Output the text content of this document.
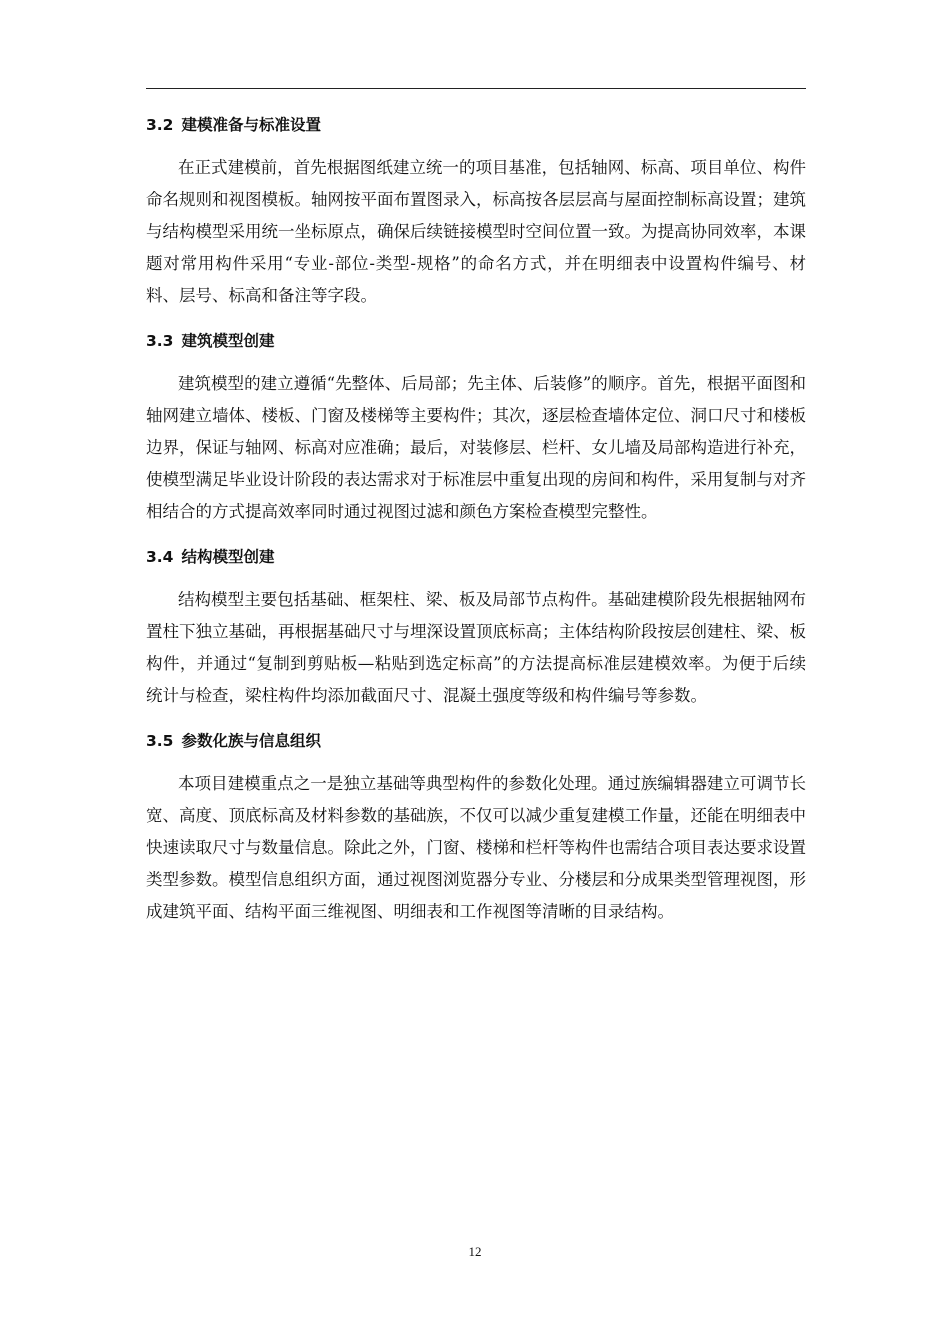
3.2 建模准备与标准设置

在正式建模前，首先根据图纸建立统一的项目基准，包括轴网、标高、项目单位、构件命名规则和视图模板。轴网按平面布置图录入，标高按各层层高与屋面控制标高设置；建筑与结构模型采用统一坐标原点，确保后续链接模型时空间位置一致。为提高协同效率，本课题对常用构件采用“专业-部位-类型-规格”的命名方式，并在明细表中设置构件编号、材料、层号、标高和备注等字段。

3.3 建筑模型创建

建筑模型的建立遵循“先整体、后局部；先主体、后装修”的顺序。首先，根据平面图和轴网建立墙体、楼板、门窗及楼梯等主要构件；其次，逐层检查墙体定位、洞口尺寸和楼板边界，保证与轴网、标高对应准确；最后，对装修层、栏杆、女儿墙及局部构造进行补充，使模型满足毕业设计阶段的表达需求对于标准层中重复出现的房间和构件，采用复制与对齐相结合的方式提高效率同时通过视图过滤和颜色方案检查模型完整性。

3.4 结构模型创建

结构模型主要包括基础、框架柱、梁、板及局部节点构件。基础建模阶段先根据轴网布置柱下独立基础，再根据基础尺寸与埋深设置顶底标高；主体结构阶段按层创建柱、梁、板构件，并通过“复制到剪贴板—粘贴到选定标高”的方法提高标准层建模效率。为便于后续统计与检查，梁柱构件均添加截面尺寸、混凝土强度等级和构件编号等参数。

3.5 参数化族与信息组织

本项目建模重点之一是独立基础等典型构件的参数化处理。通过族编辑器建立可调节长宽、高度、顶底标高及材料参数的基础族，不仅可以减少重复建模工作量，还能在明细表中快速读取尺寸与数量信息。除此之外，门窗、楼梯和栏杆等构件也需结合项目表达要求设置类型参数。模型信息组织方面，通过视图浏览器分专业、分楼层和分成果类型管理视图，形成建筑平面、结构平面三维视图、明细表和工作视图等清晰的目录结构。

12
